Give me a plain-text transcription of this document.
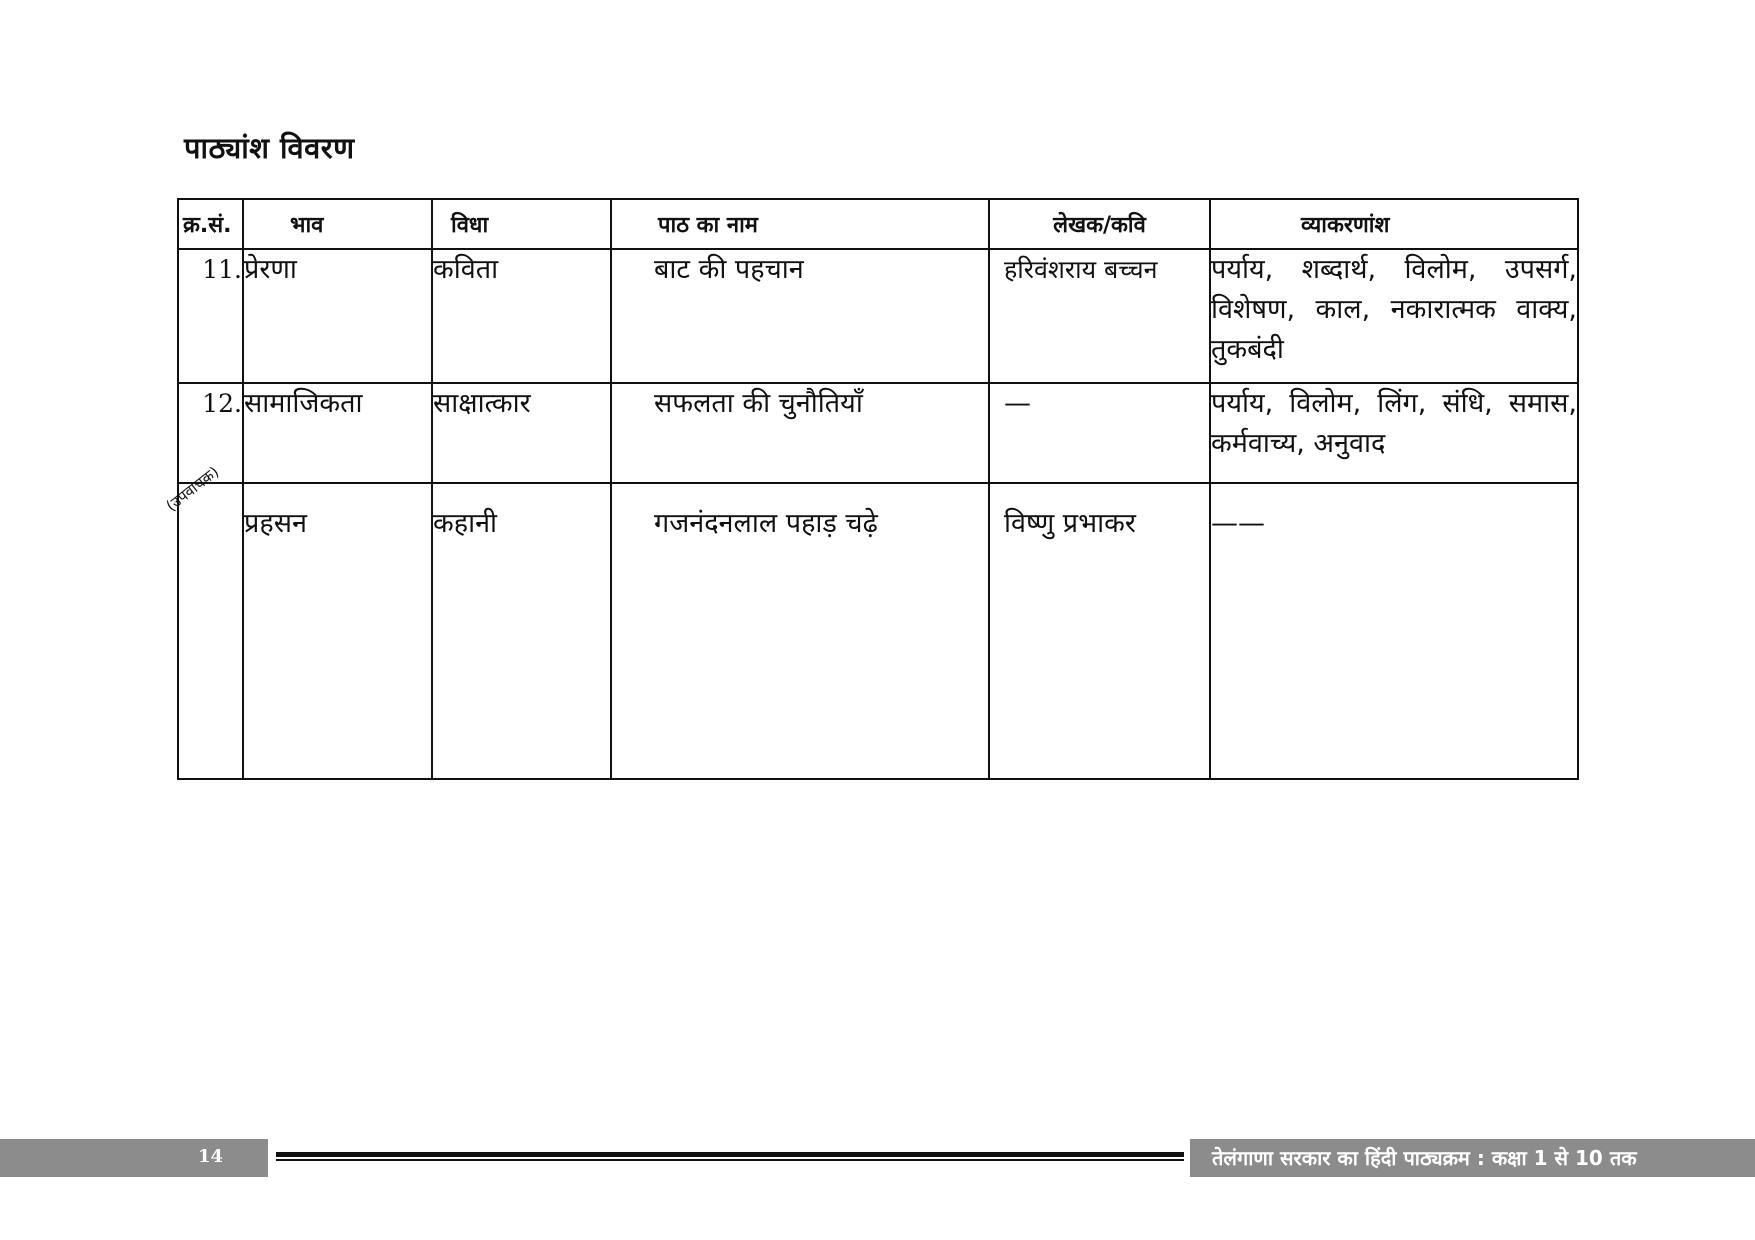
पाठ्यांश विवरण
क्र.सं.	भाव	विधा	पाठ का नाम	लेखक/कवि	व्याकरणांश
11.	प्रेरणा	कविता	बाट की पहचान	हरिवंशराय बच्चन	पर्याय, शब्दार्थ, विलोम, उपसर्ग, विशेषण, काल, नकारात्मक वाक्य, तुकबंदी
12.	सामाजिकता	साक्षात्कार	सफलता की चुनौतियाँ	—	पर्याय, विलोम, लिंग, संधि, समास, कर्मवाच्य, अनुवाद
	प्रहसन	कहानी	गजनंदनलाल पहाड़ चढ़े	विष्णु प्रभाकर	——
(उपवाचक)
14	तेलंगाणा सरकार का हिंदी पाठ्यक्रम : कक्षा 1 से 10 तक
